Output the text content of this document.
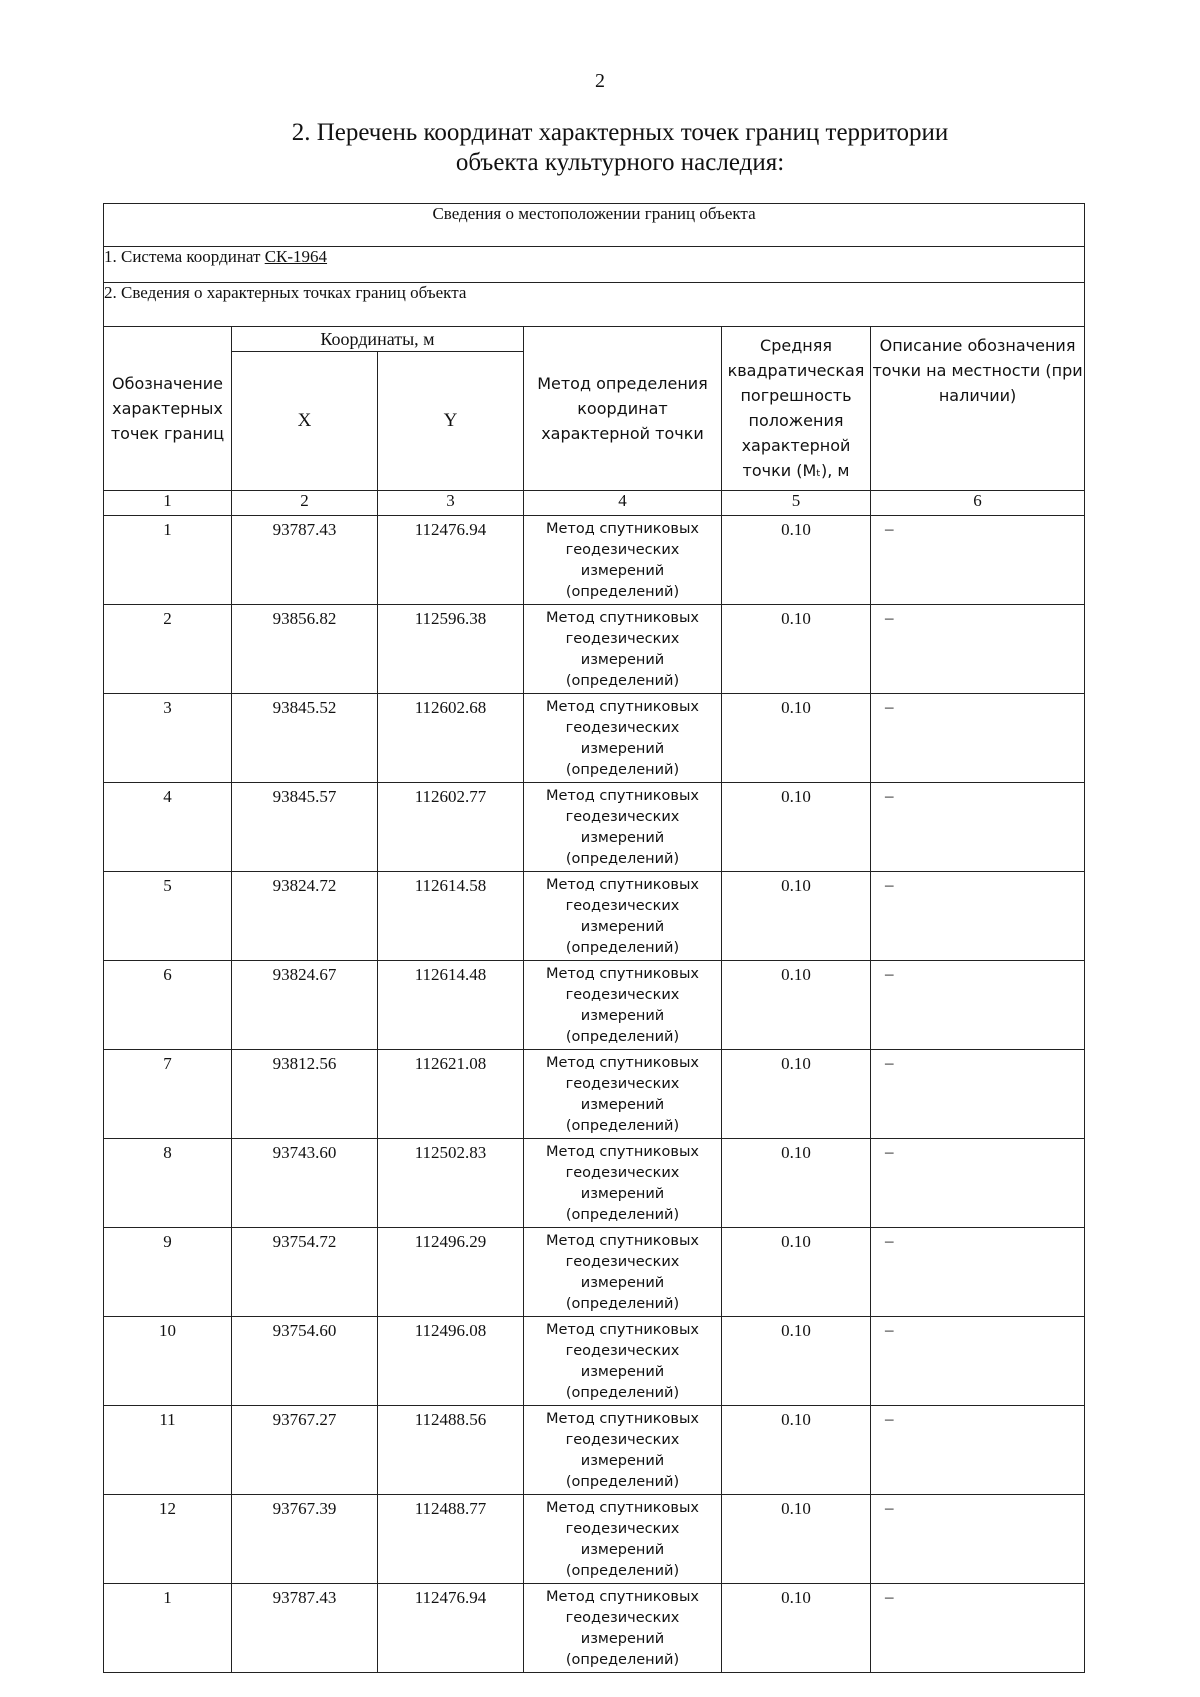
2
2. Перечень координат характерных точек границ территории
объекта культурного наследия:
Сведения о местоположении границ объекта					
1. Система координат СК-1964					
2. Сведения о характерных точках границ объекта					
Обозначение характерных точек границ	Координаты, м		Метод определения координат характерной точки	Средняя квадратическая погрешность положения характерной точки (Mₜ), м	Описание обозначения точки на местности (при наличии)
	X	Y			
1	2	3	4	5	6
1	93787.43	112476.94	Метод спутниковых
геодезических
измерений
(определений)	0.10	–
2	93856.82	112596.38	Метод спутниковых
геодезических
измерений
(определений)	0.10	–
3	93845.52	112602.68	Метод спутниковых
геодезических
измерений
(определений)	0.10	–
4	93845.57	112602.77	Метод спутниковых
геодезических
измерений
(определений)	0.10	–
5	93824.72	112614.58	Метод спутниковых
геодезических
измерений
(определений)	0.10	–
6	93824.67	112614.48	Метод спутниковых
геодезических
измерений
(определений)	0.10	–
7	93812.56	112621.08	Метод спутниковых
геодезических
измерений
(определений)	0.10	–
8	93743.60	112502.83	Метод спутниковых
геодезических
измерений
(определений)	0.10	–
9	93754.72	112496.29	Метод спутниковых
геодезических
измерений
(определений)	0.10	–
10	93754.60	112496.08	Метод спутниковых
геодезических
измерений
(определений)	0.10	–
11	93767.27	112488.56	Метод спутниковых
геодезических
измерений
(определений)	0.10	–
12	93767.39	112488.77	Метод спутниковых
геодезических
измерений
(определений)	0.10	–
1	93787.43	112476.94	Метод спутниковых
геодезических
измерений
(определений)	0.10	–
